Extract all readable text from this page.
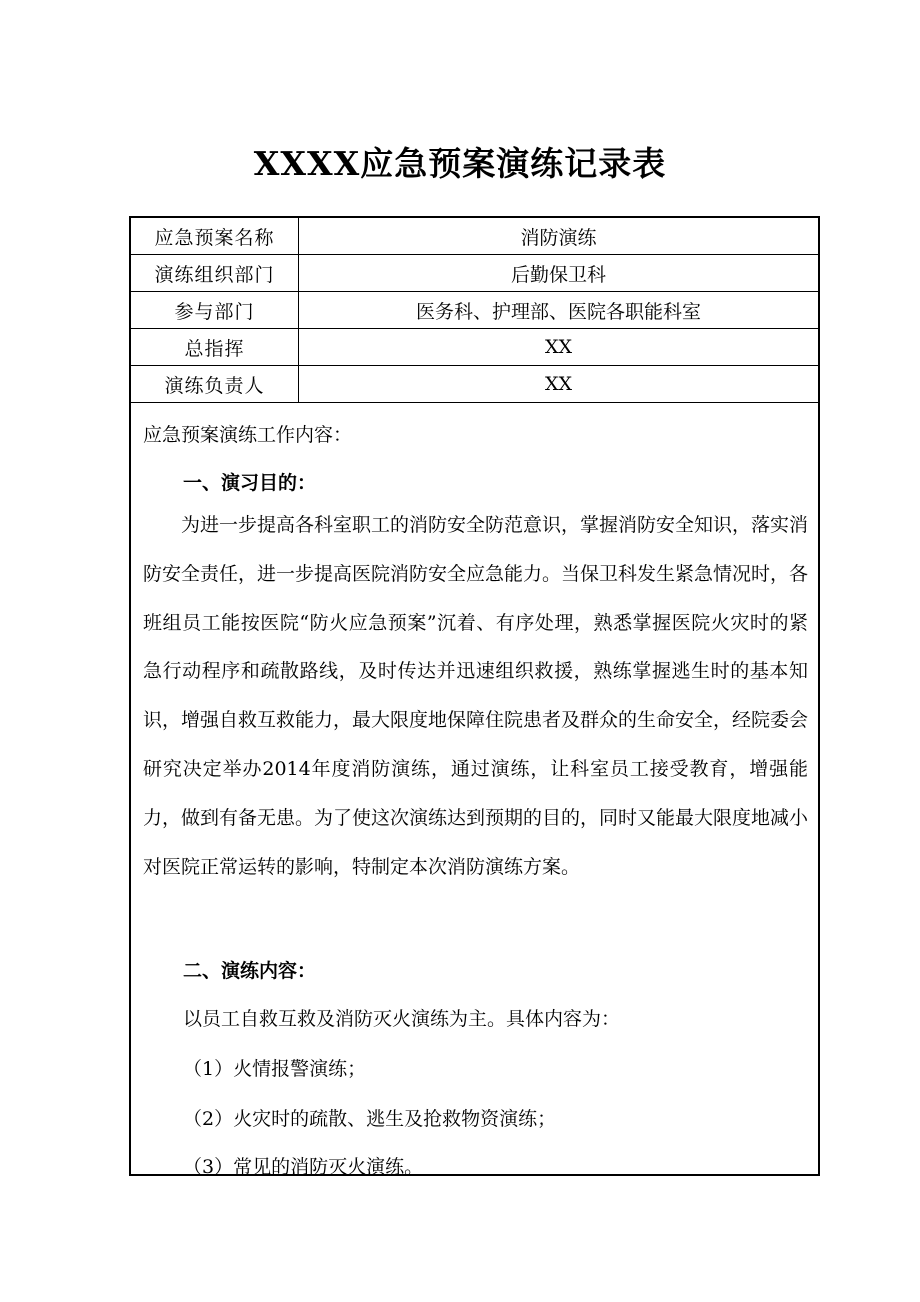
XXXX应急预案演练记录表
应急预案名称	消防演练
演练组织部门	后勤保卫科
参与部门	医务科、护理部、医院各职能科室
总指挥	XX
演练负责人	XX
应急预案演练工作内容：
一、演习目的：
为进一步提高各科室职工的消防安全防范意识，掌握消防安全知识，落实消防安全责任，进一步提高医院消防安全应急能力。当保卫科发生紧急情况时，各班组员工能按医院“防火应急预案”沉着、有序处理，熟悉掌握医院火灾时的紧急行动程序和疏散路线，及时传达并迅速组织救援，熟练掌握逃生时的基本知识，增强自救互救能力，最大限度地保障住院患者及群众的生命安全，经院委会研究决定举办2014年度消防演练，通过演练，让科室员工接受教育，增强能力，做到有备无患。为了使这次演练达到预期的目的，同时又能最大限度地减小对医院正常运转的影响，特制定本次消防演练方案。
二、演练内容：
以员工自救互救及消防灭火演练为主。具体内容为：
（1）火情报警演练；
（2）火灾时的疏散、逃生及抢救物资演练；
（3）常见的消防灭火演练。
